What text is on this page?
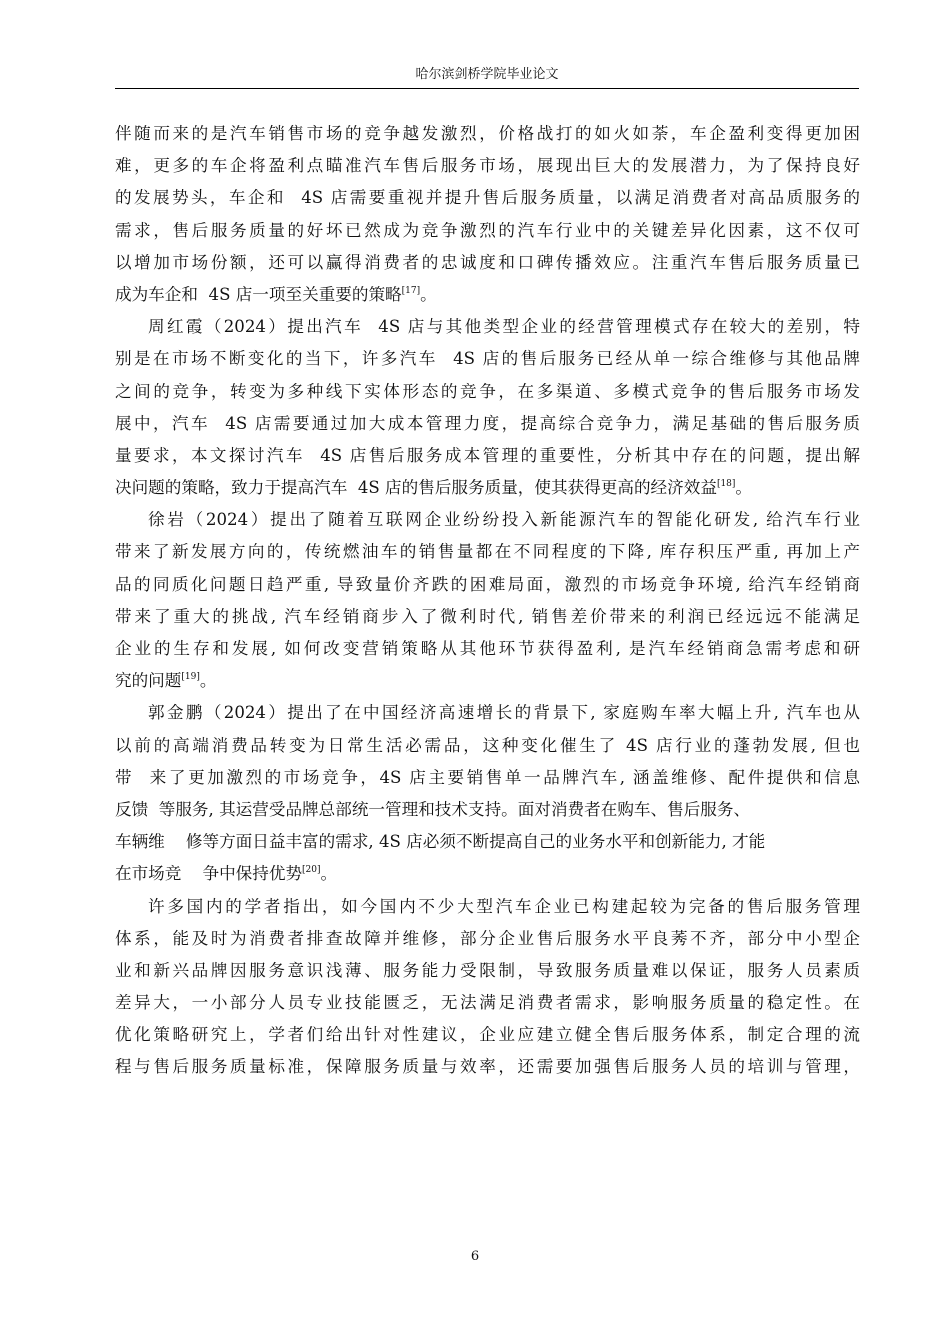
哈尔滨剑桥学院毕业论文
伴随而来的是汽车销售市场的竞争越发激烈，价格战打的如火如荼，车企盈利变得更加困
难，更多的车企将盈利点瞄准汽车售后服务市场，展现出巨大的发展潜力，为了保持良好
的发展势头，车企和  4S 店需要重视并提升售后服务质量，以满足消费者对高品质服务的
需求，售后服务质量的好坏已然成为竞争激烈的汽车行业中的关键差异化因素，这不仅可
以增加市场份额，还可以赢得消费者的忠诚度和口碑传播效应。注重汽车售后服务质量已
成为车企和  4S 店一项至关重要的策略[17]。
周红霞（2024）提出汽车  4S 店与其他类型企业的经营管理模式存在较大的差别，特
别是在市场不断变化的当下，许多汽车  4S 店的售后服务已经从单一综合维修与其他品牌
之间的竞争，转变为多种线下实体形态的竞争，在多渠道、多模式竞争的售后服务市场发
展中，汽车  4S 店需要通过加大成本管理力度，提高综合竞争力，满足基础的售后服务质
量要求，本文探讨汽车  4S 店售后服务成本管理的重要性，分析其中存在的问题，提出解
决问题的策略，致力于提高汽车  4S 店的售后服务质量，使其获得更高的经济效益[18]。
徐岩（2024）提出了随着互联网企业纷纷投入新能源汽车的智能化研发, 给汽车行业
带来了新发展方向的，传统燃油车的销售量都在不同程度的下降, 库存积压严重, 再加上产
品的同质化问题日趋严重, 导致量价齐跌的困难局面，激烈的市场竞争环境, 给汽车经销商
带来了重大的挑战, 汽车经销商步入了微利时代, 销售差价带来的利润已经远远不能满足
企业的生存和发展, 如何改变营销策略从其他环节获得盈利, 是汽车经销商急需考虑和研
究的问题[19]。
郭金鹏（2024）提出了在中国经济高速增长的背景下, 家庭购车率大幅上升, 汽车也从
以前的高端消费品转变为日常生活必需品，这种变化催生了 4S 店行业的蓬勃发展, 但也
带  来了更加激烈的市场竞争，4S 店主要销售单一品牌汽车, 涵盖维修、配件提供和信息
反馈  等服务, 其运营受品牌总部统一管理和技术支持。面对消费者在购车、售后服务、
车辆维    修等方面日益丰富的需求, 4S 店必须不断提高自己的业务水平和创新能力, 才能
在市场竞    争中保持优势[20]。
许多国内的学者指出，如今国内不少大型汽车企业已构建起较为完备的售后服务管理
体系，能及时为消费者排查故障并维修，部分企业售后服务水平良莠不齐，部分中小型企
业和新兴品牌因服务意识浅薄、服务能力受限制，导致服务质量难以保证，服务人员素质
差异大，一小部分人员专业技能匮乏，无法满足消费者需求，影响服务质量的稳定性。在
优化策略研究上，学者们给出针对性建议，企业应建立健全售后服务体系，制定合理的流
程与售后服务质量标准，保障服务质量与效率，还需要加强售后服务人员的培训与管理，
6
